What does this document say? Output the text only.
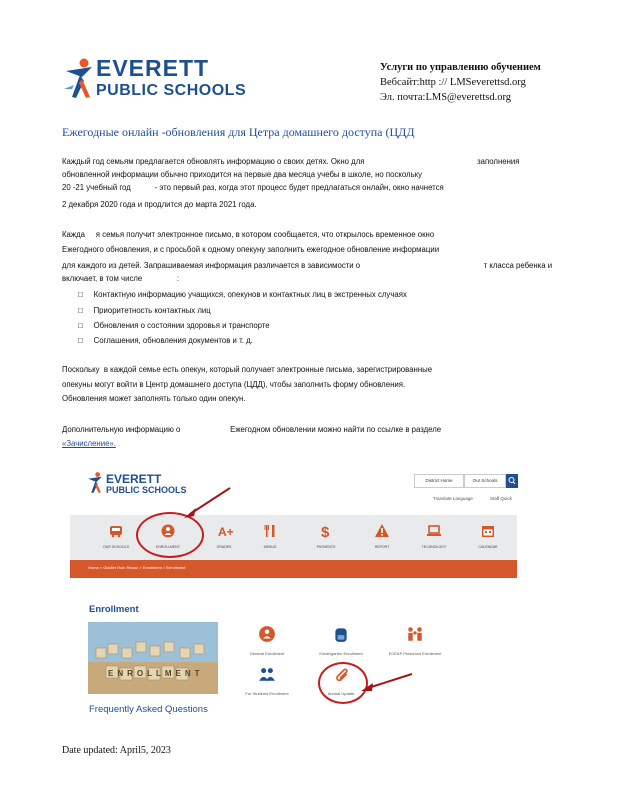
EVERETT
PUBLIC SCHOOLS
Услуги по управлению обучением
Вебсайт:http :// LMSeverettsd.org
Эл. почта:LMS@everettsd.org
Ежегодные онлайн -обновления для Цетра домашнего доступа (ЦДД
Каждый год семьям предлагается обновлять информацию о своих детях. Окно для                                                    заполнения
обновленной информации обычно приходится на первые два месяца учебы в школе, но поскольку
20 -21 учебный год           - это первый раз, когда этот процесс будет предлагаться онлайн, окно начнется
2 декабря 2020 года и продлится до марта 2021 года.
Кажда     я семья получит электронное письмо, в котором сообщается, что открылось временное окно
Ежегодного обновления, и с просьбой к одному опекуну заполнить ежегодное обновление информации
для каждого из детей. Запрашиваемая информация различается в зависимости о                                                         т класса ребенка и
включает, в том числе                :
□ Контактную информацию учащихся, опекунов и контактных лиц в экстренных случаях
□ Приоритетность контактных лиц
□ Обновления о состоянии здоровья и транспорте
□ Соглашения, обновления документов и т. д.
Поскольку  в каждой семье есть опекун, который получает электронные письма, зарегистрированные
опекуны могут войти в Центр домашнего доступа (ЦДД), чтобы заполнить форму обновления.
Обновления может заполнять только один опекун.
Дополнительную информацию о                       Ежегодном обновлении можно найти по ссылке в разделе
«Зачисление».
EVERETT
PUBLIC SCHOOLS
District Home	Our Schools
Translate Language	Staff Quick
OUR SCHOOLS	ENROLLMENT
A+
GRADES	MENUS
$
PAYMENTS	REPORT	TECHNOLOGY	CALENDAR
Home > Giddler Ruin Recau > Enrollment > Enrollment
Enrollment
ENROLLMENT
General Enrollment	Kindergarten Enrollment	ECEAP Preschool Enrollment
For Students Enrollment	Annual Update
Frequently Asked Questions
Date updated: April5, 2023
